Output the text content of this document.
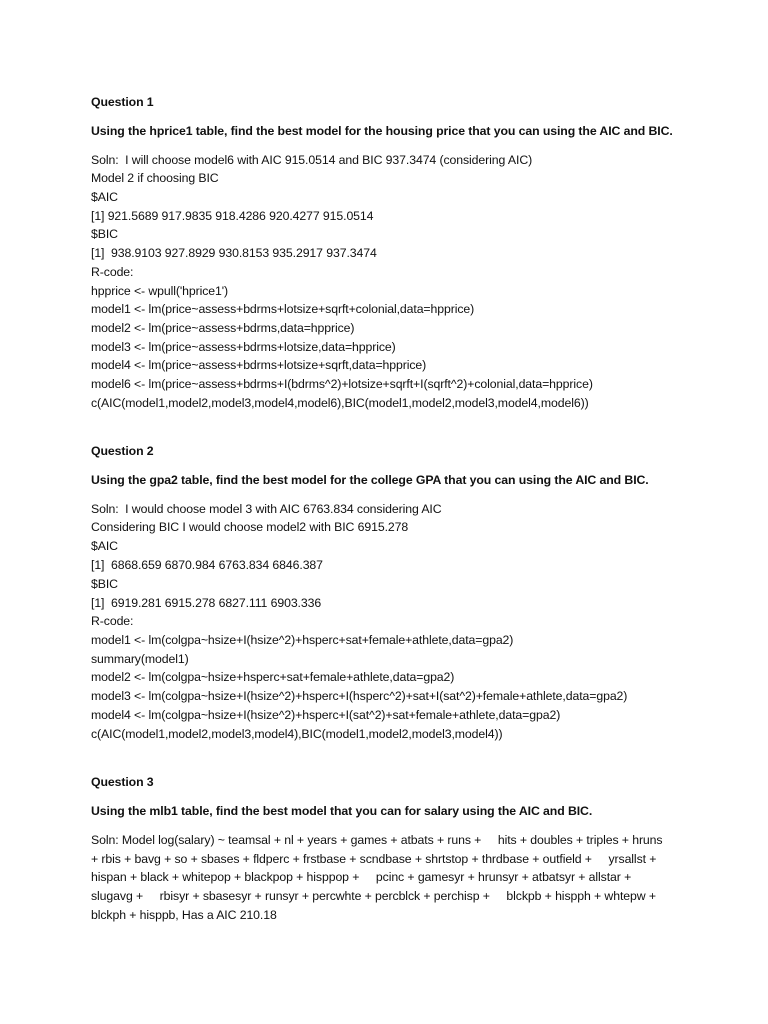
Question 1
Using the hprice1 table, find the best model for the housing price that you can using the AIC and BIC.
Soln:  I will choose model6 with AIC 915.0514 and BIC 937.3474 (considering AIC)
Model 2 if choosing BIC
$AIC
[1] 921.5689 917.9835 918.4286 920.4277 915.0514
$BIC
[1]  938.9103 927.8929 930.8153 935.2917 937.3474
R-code:
hpprice <- wpull('hprice1')
model1 <- lm(price~assess+bdrms+lotsize+sqrft+colonial,data=hpprice)
model2 <- lm(price~assess+bdrms,data=hpprice)
model3 <- lm(price~assess+bdrms+lotsize,data=hpprice)
model4 <- lm(price~assess+bdrms+lotsize+sqrft,data=hpprice)
model6 <- lm(price~assess+bdrms+I(bdrms^2)+lotsize+sqrft+I(sqrft^2)+colonial,data=hpprice)
c(AIC(model1,model2,model3,model4,model6),BIC(model1,model2,model3,model4,model6))
Question 2
Using the gpa2 table, find the best model for the college GPA that you can using the AIC and BIC.
Soln:  I would choose model 3 with AIC 6763.834 considering AIC
Considering BIC I would choose model2 with BIC 6915.278
$AIC
[1]  6868.659 6870.984 6763.834 6846.387
$BIC
[1]  6919.281 6915.278 6827.111 6903.336
R-code:
model1 <- lm(colgpa~hsize+I(hsize^2)+hsperc+sat+female+athlete,data=gpa2)
summary(model1)
model2 <- lm(colgpa~hsize+hsperc+sat+female+athlete,data=gpa2)
model3 <- lm(colgpa~hsize+I(hsize^2)+hsperc+I(hsperc^2)+sat+I(sat^2)+female+athlete,data=gpa2)
model4 <- lm(colgpa~hsize+I(hsize^2)+hsperc+I(sat^2)+sat+female+athlete,data=gpa2)
c(AIC(model1,model2,model3,model4),BIC(model1,model2,model3,model4))
Question 3
Using the mlb1 table, find the best model that you can for salary using the AIC and BIC.
Soln: Model log(salary) ~ teamsal + nl + years + games + atbats + runs +     hits + doubles + triples + hruns
+ rbis + bavg + so + sbases + fldperc + frstbase + scndbase + shrtstop + thrdbase + outfield +     yrsallst +
hispan + black + whitepop + blackpop + hisppop +     pcinc + gamesyr + hrunsyr + atbatsyr + allstar +
slugavg +     rbisyr + sbasesyr + runsyr + percwhte + percblck + perchisp +     blckpb + hispph + whtepw +
blckph + hisppb, Has a AIC 210.18
